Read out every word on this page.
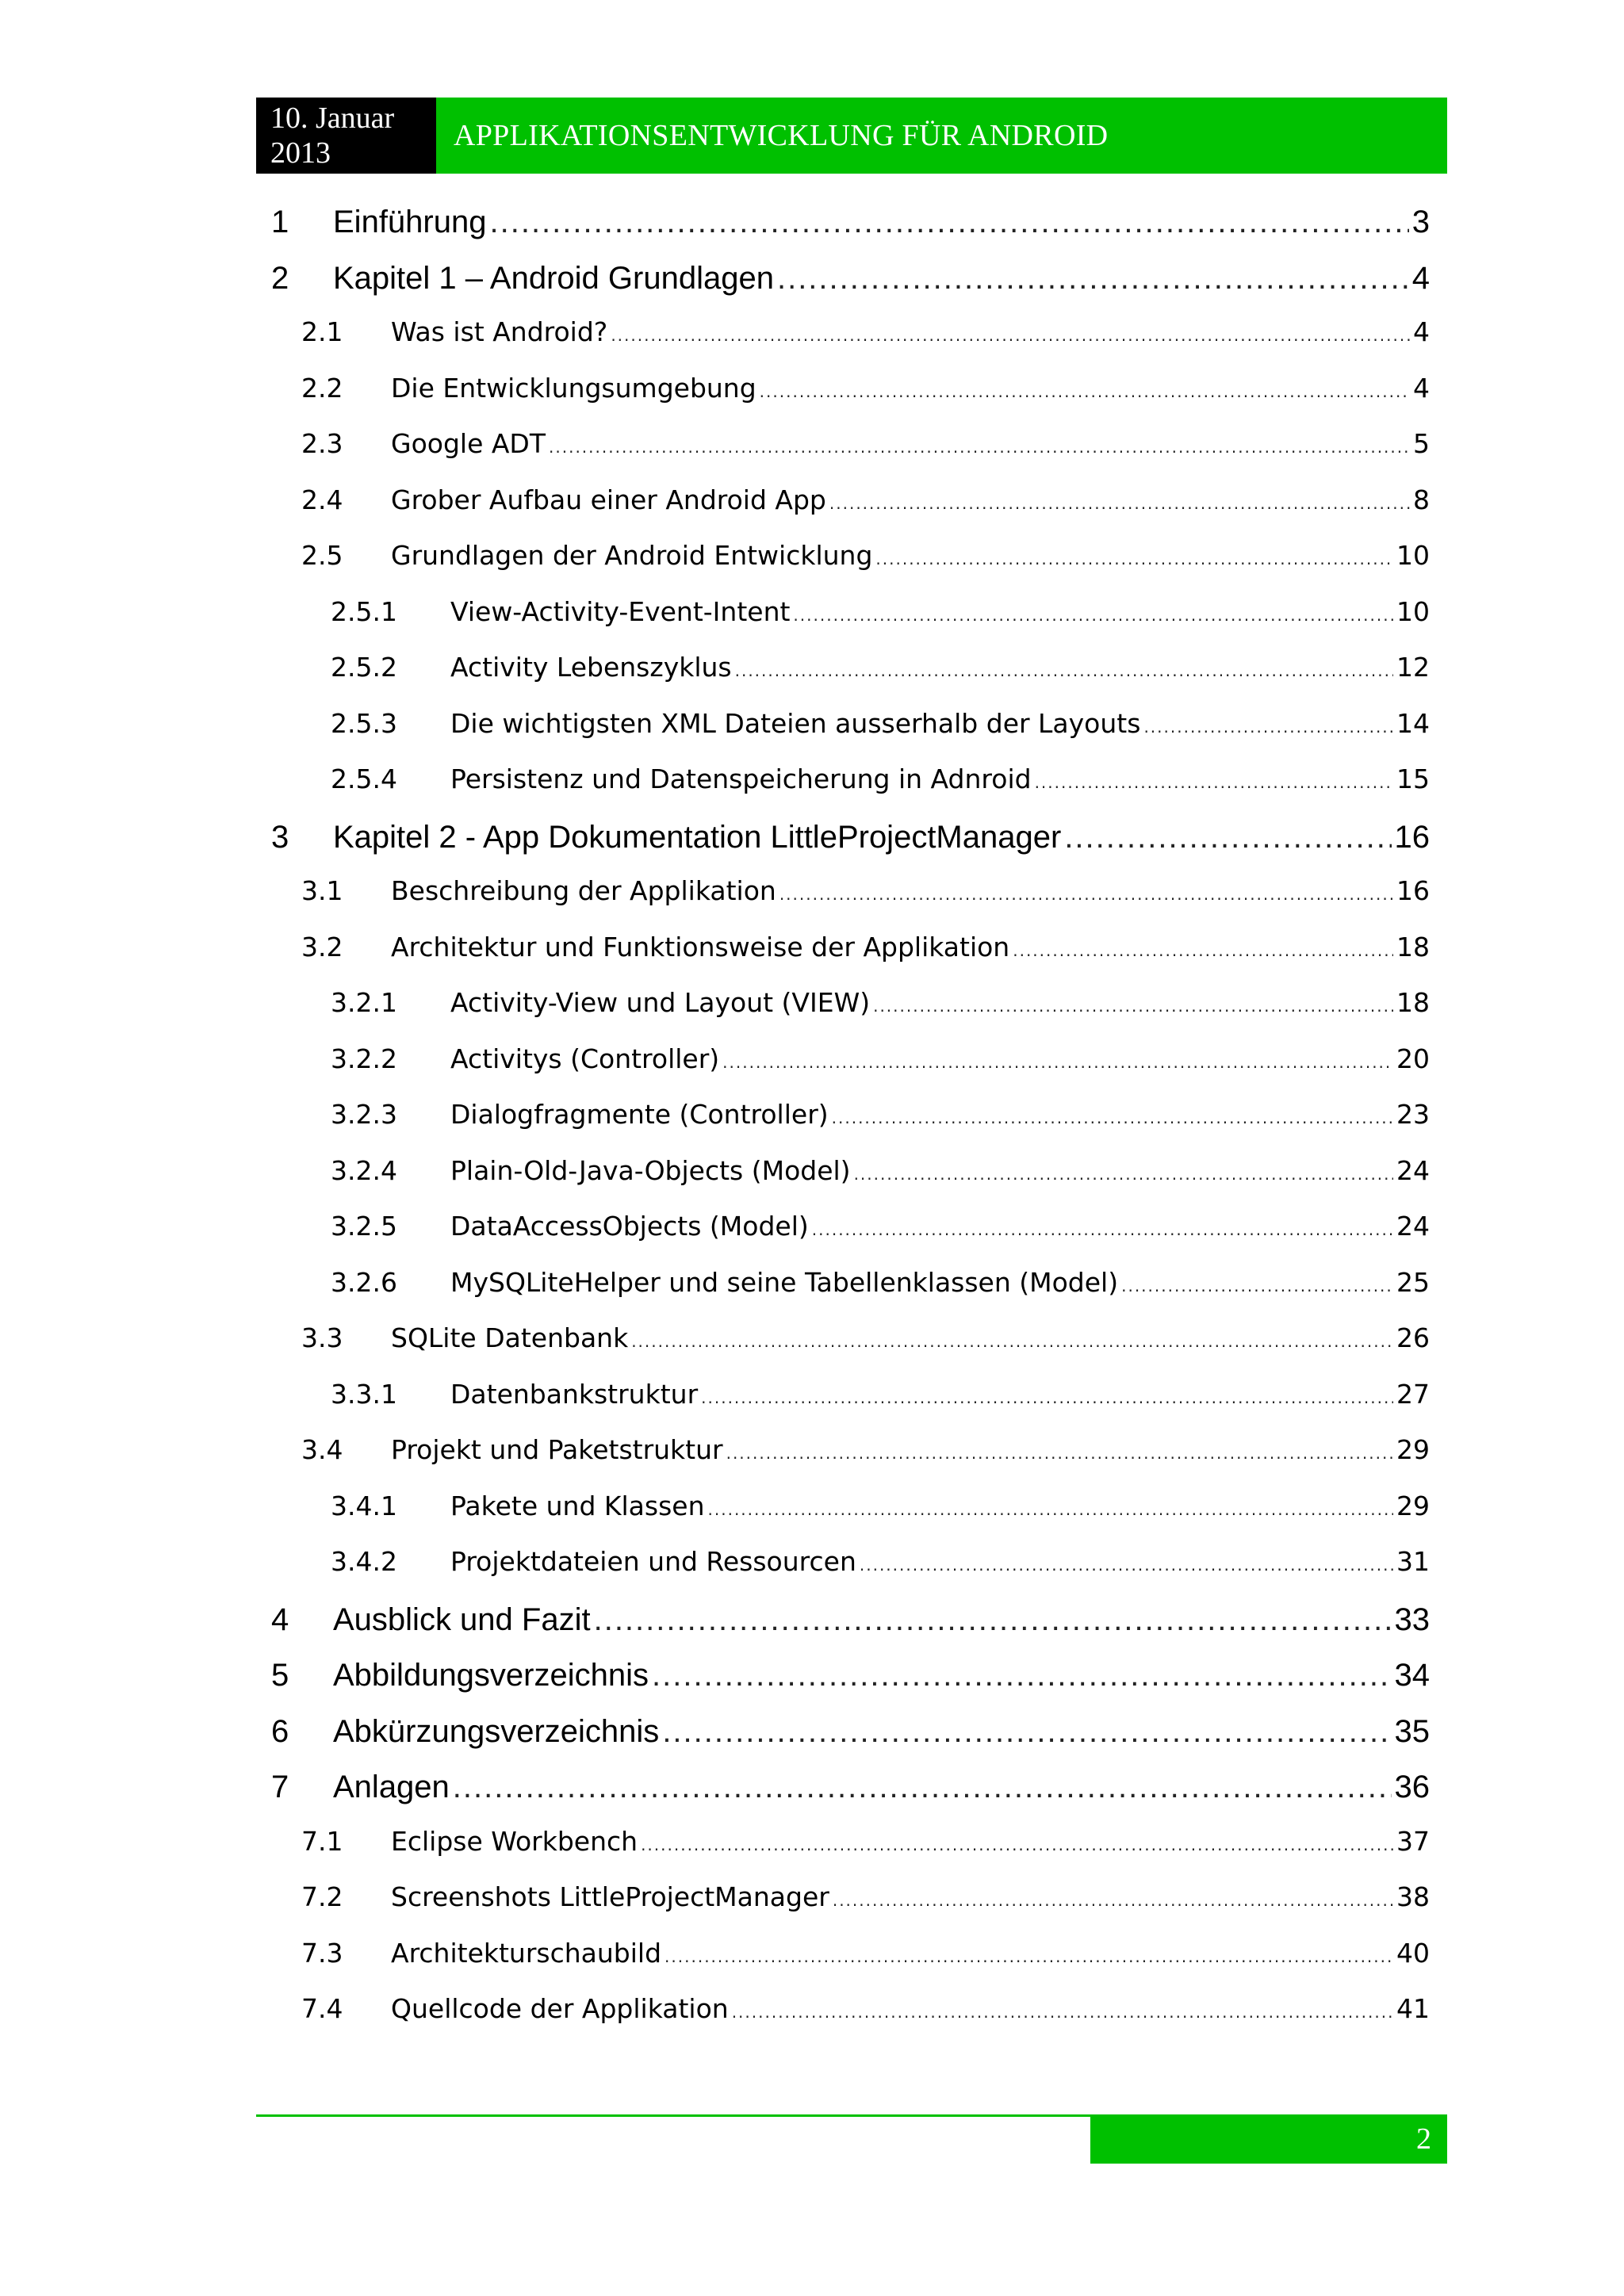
10. Januar
2013
APPLIKATIONSENTWICKLUNG FÜR ANDROID
1	Einführung .....	3
2	Kapitel 1 – Android Grundlagen .....	4
2.1	Was ist Android? .....	4
2.2	Die Entwicklungsumgebung .....	4
2.3	Google ADT .....	5
2.4	Grober Aufbau einer Android App .....	8
2.5	Grundlagen der Android Entwicklung .....	10
2.5.1	View-Activity-Event-Intent .....	10
2.5.2	Activity Lebenszyklus .....	12
2.5.3	Die wichtigsten XML Dateien ausserhalb der Layouts .....	14
2.5.4	Persistenz und Datenspeicherung in Adnroid .....	15
3	Kapitel 2 - App Dokumentation LittleProjectManager .....	16
3.1	Beschreibung der Applikation .....	16
3.2	Architektur und Funktionsweise der Applikation .....	18
3.2.1	Activity-View und Layout (VIEW) .....	18
3.2.2	Activitys (Controller) .....	20
3.2.3	Dialogfragmente (Controller) .....	23
3.2.4	Plain-Old-Java-Objects (Model) .....	24
3.2.5	DataAccessObjects (Model) .....	24
3.2.6	MySQLiteHelper und seine Tabellenklassen (Model) .....	25
3.3	SQLite Datenbank .....	26
3.3.1	Datenbankstruktur .....	27
3.4	Projekt und Paketstruktur .....	29
3.4.1	Pakete und Klassen .....	29
3.4.2	Projektdateien und Ressourcen .....	31
4	Ausblick und Fazit .....	33
5	Abbildungsverzeichnis .....	34
6	Abkürzungsverzeichnis .....	35
7	Anlagen .....	36
7.1	Eclipse Workbench .....	37
7.2	Screenshots LittleProjectManager .....	38
7.3	Architekturschaubild .....	40
7.4	Quellcode der Applikation .....	41
2
